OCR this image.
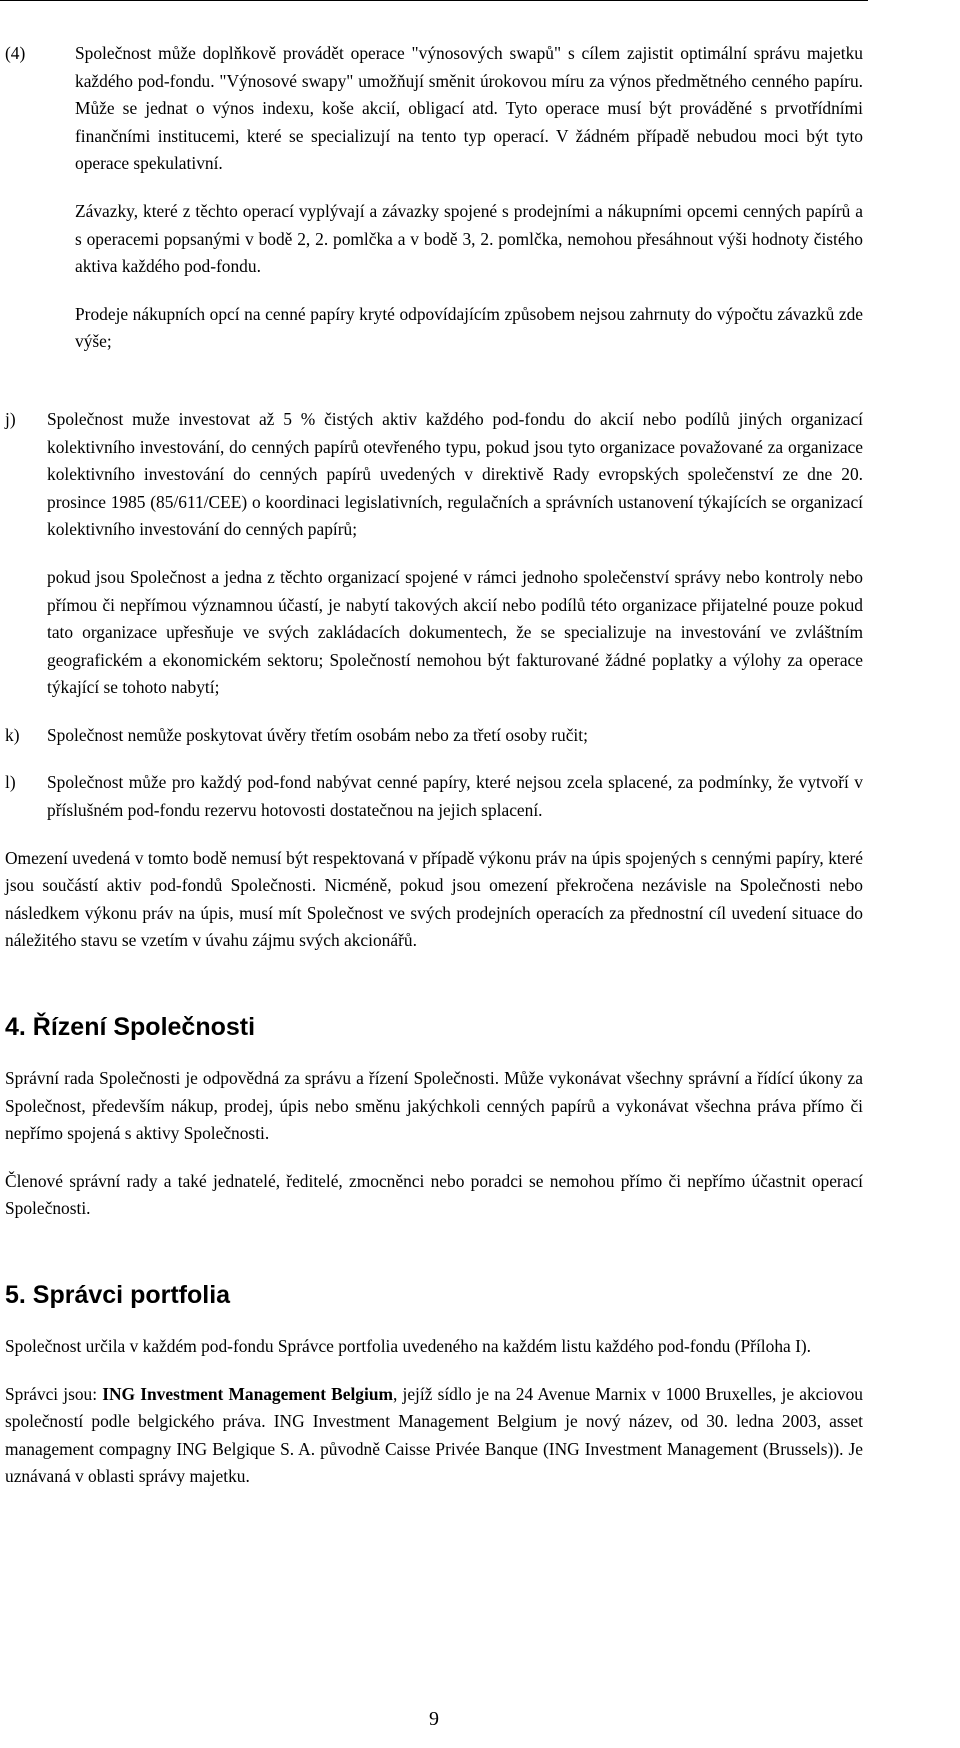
(4)	Společnost může doplňkově provádět operace "výnosových swapů" s cílem zajistit optimální správu majetku každého pod-fondu. "Výnosové swapy" umožňují směnit úrokovou míru za výnos předmětného cenného papíru. Může se jednat o výnos indexu, koše akcií, obligací atd. Tyto operace musí být prováděné s prvotřídními finančními institucemi, které se specializují na tento typ operací. V žádném případě nebudou moci být tyto operace spekulativní.

Závazky, které z těchto operací vyplývají a závazky spojené s prodejními a nákupními opcemi cenných papírů a s operacemi popsanými v bodě 2, 2. pomlčka a v bodě 3, 2. pomlčka, nemohou přesáhnout výši hodnoty čistého aktiva každého pod-fondu.

Prodeje nákupních opcí na cenné papíry kryté odpovídajícím způsobem nejsou zahrnuty do výpočtu závazků zde výše;

j)	Společnost muže investovat až 5 % čistých aktiv každého pod-fondu do akcií nebo podílů jiných organizací kolektivního investování, do cenných papírů otevřeného typu, pokud jsou tyto organizace považované za organizace kolektivního investování do cenných papírů uvedených v direktivě Rady evropských společenství ze dne 20. prosince 1985 (85/611/CEE) o koordinaci legislativních, regulačních a správních ustanovení týkajících se organizací kolektivního investování do cenných papírů;

pokud jsou Společnost a jedna z těchto organizací spojené v rámci jednoho společenství správy nebo kontroly nebo přímou či nepřímou významnou účastí, je nabytí takových akcií nebo podílů této organizace přijatelné pouze pokud tato organizace upřesňuje ve svých zakládacích dokumentech, že se specializuje na investování ve zvláštním geografickém a ekonomickém sektoru; Společností nemohou být fakturované žádné poplatky a výlohy za operace týkající se tohoto nabytí;

k)	Společnost nemůže poskytovat úvěry třetím osobám nebo za třetí osoby ručit;

l)	Společnost může pro každý pod-fond nabývat cenné papíry, které nejsou zcela splacené, za podmínky, že vytvoří v příslušném pod-fondu rezervu hotovosti dostatečnou na jejich splacení.

Omezení uvedená v tomto bodě nemusí být respektovaná v případě výkonu práv na úpis spojených s cennými papíry, které jsou součástí aktiv pod-fondů Společnosti. Nicméně, pokud jsou omezení překročena nezávisle na Společnosti nebo následkem výkonu práv na úpis, musí mít Společnost ve svých prodejních operacích za přednostní cíl uvedení situace do náležitého stavu se vzetím v úvahu zájmu svých akcionářů.

4. Řízení Společnosti

Správní rada Společnosti je odpovědná za správu a řízení Společnosti. Může vykonávat všechny správní a řídící úkony za Společnost, především nákup, prodej, úpis nebo směnu jakýchkoli cenných papírů a vykonávat všechna práva přímo či nepřímo spojená s aktivy Společnosti.

Členové správní rady a také jednatelé, ředitelé, zmocněnci nebo poradci se nemohou přímo či nepřímo účastnit operací Společnosti.

5. Správci portfolia

Společnost určila v každém pod-fondu Správce portfolia uvedeného na každém listu každého pod-fondu (Příloha I).

Správci jsou: ING Investment Management Belgium, jejíž sídlo je na 24 Avenue Marnix v 1000 Bruxelles, je akciovou společností podle belgického práva. ING Investment Management Belgium je nový název, od 30. ledna 2003, asset management compagny ING Belgique S. A. původně Caisse Privée Banque (ING Investment Management (Brussels)). Je uznávaná v oblasti správy majetku.

9
